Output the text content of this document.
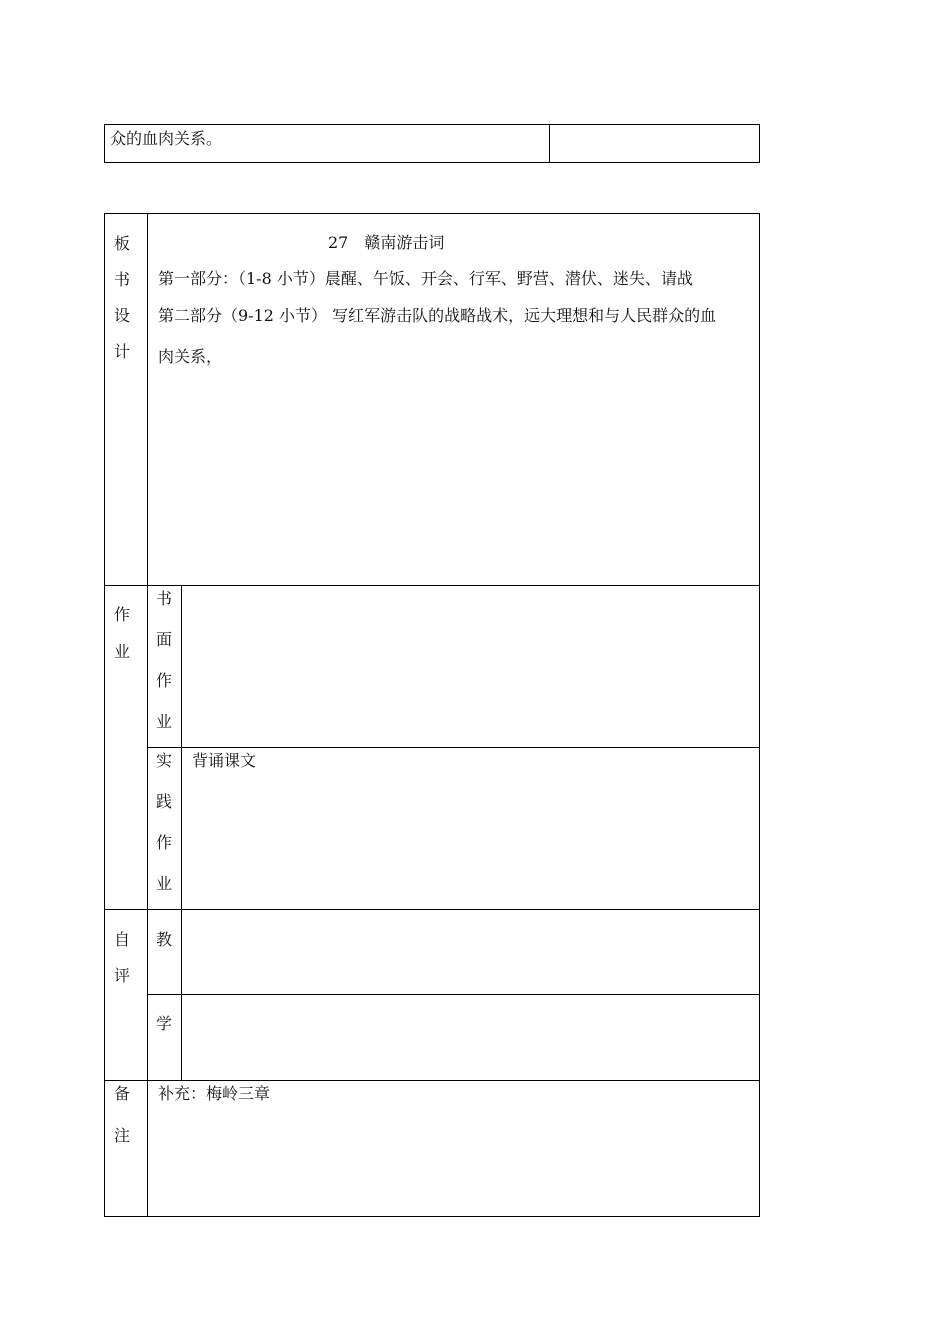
众的血肉关系。
板
书
设
计
27　赣南游击词
第一部分：（1-8 小节）晨醒、午饭、开会、行军、野营、潜伏、迷失、请战
第二部分（9-12 小节） 写红军游击队的战略战术，远大理想和与人民群众的血
肉关系，
作
业
书
面
作
业
实
践
作
业
背诵课文
自
评
教
学
备
注
补充：梅岭三章
